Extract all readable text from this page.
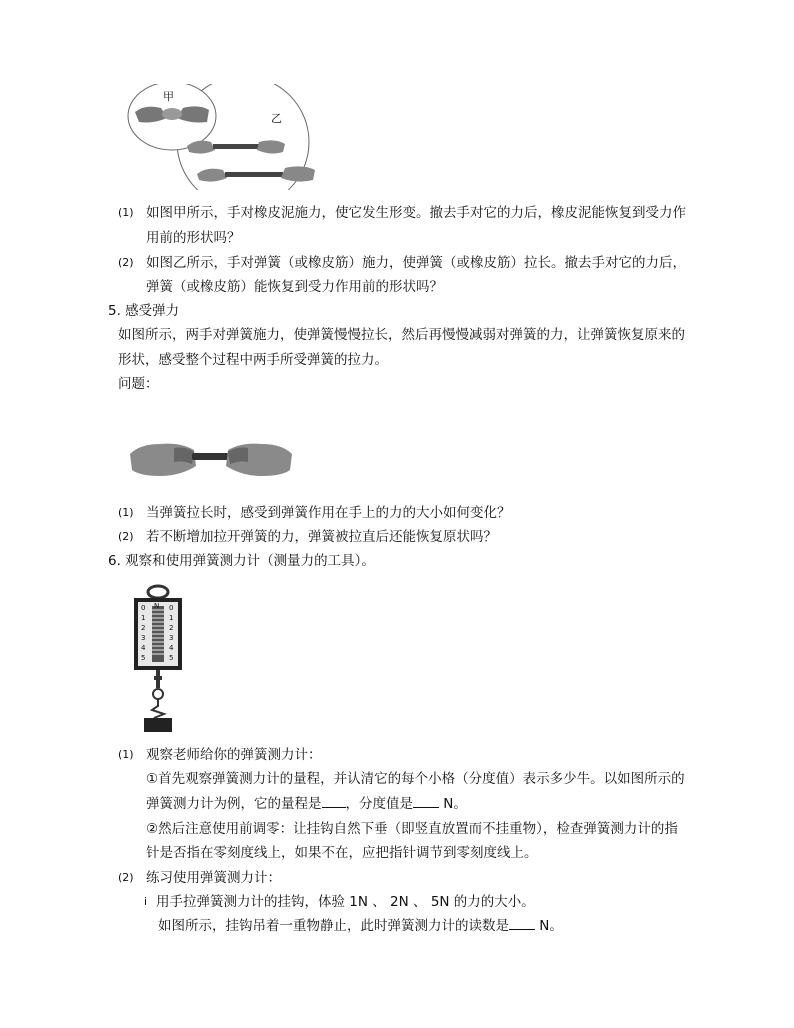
甲
乙
(1) 如图甲所示，手对橡皮泥施力，使它发生形变。撤去手对它的力后，橡皮泥能恢复到受力作
用前的形状吗？
(2) 如图乙所示，手对弹簧（或橡皮筋）施力，使弹簧（或橡皮筋）拉长。撤去手对它的力后，
弹簧（或橡皮筋）能恢复到受力作用前的形状吗？
5. 感受弹力
如图所示，两手对弹簧施力，使弹簧慢慢拉长，然后再慢慢减弱对弹簧的力，让弹簧恢复原来的
形状，感受整个过程中两手所受弹簧的拉力。
问题：
(1) 当弹簧拉长时，感受到弹簧作用在手上的力的大小如何变化？
(2) 若不断增加拉开弹簧的力，弹簧被拉直后还能恢复原状吗？
6. 观察和使用弹簧测力计（测量力的工具）。
N
0
1
2
3
4
5
0
1
2
3
4
5
(1) 观察老师给你的弹簧测力计：
①首先观察弹簧测力计的量程，并认清它的每个小格（分度值）表示多少牛。以如图所示的
弹簧测力计为例，它的量程是 ，分度值是 N。
②然后注意使用前调零：让挂钩自然下垂（即竖直放置而不挂重物），检查弹簧测力计的指
针是否指在零刻度线上，如果不在，应把指针调节到零刻度线上。
(2) 练习使用弹簧测力计：
i 用手拉弹簧测力计的挂钩，体验 1N 、 2N 、 5N 的力的大小。
如图所示，挂钩吊着一重物静止，此时弹簧测力计的读数是 N。
